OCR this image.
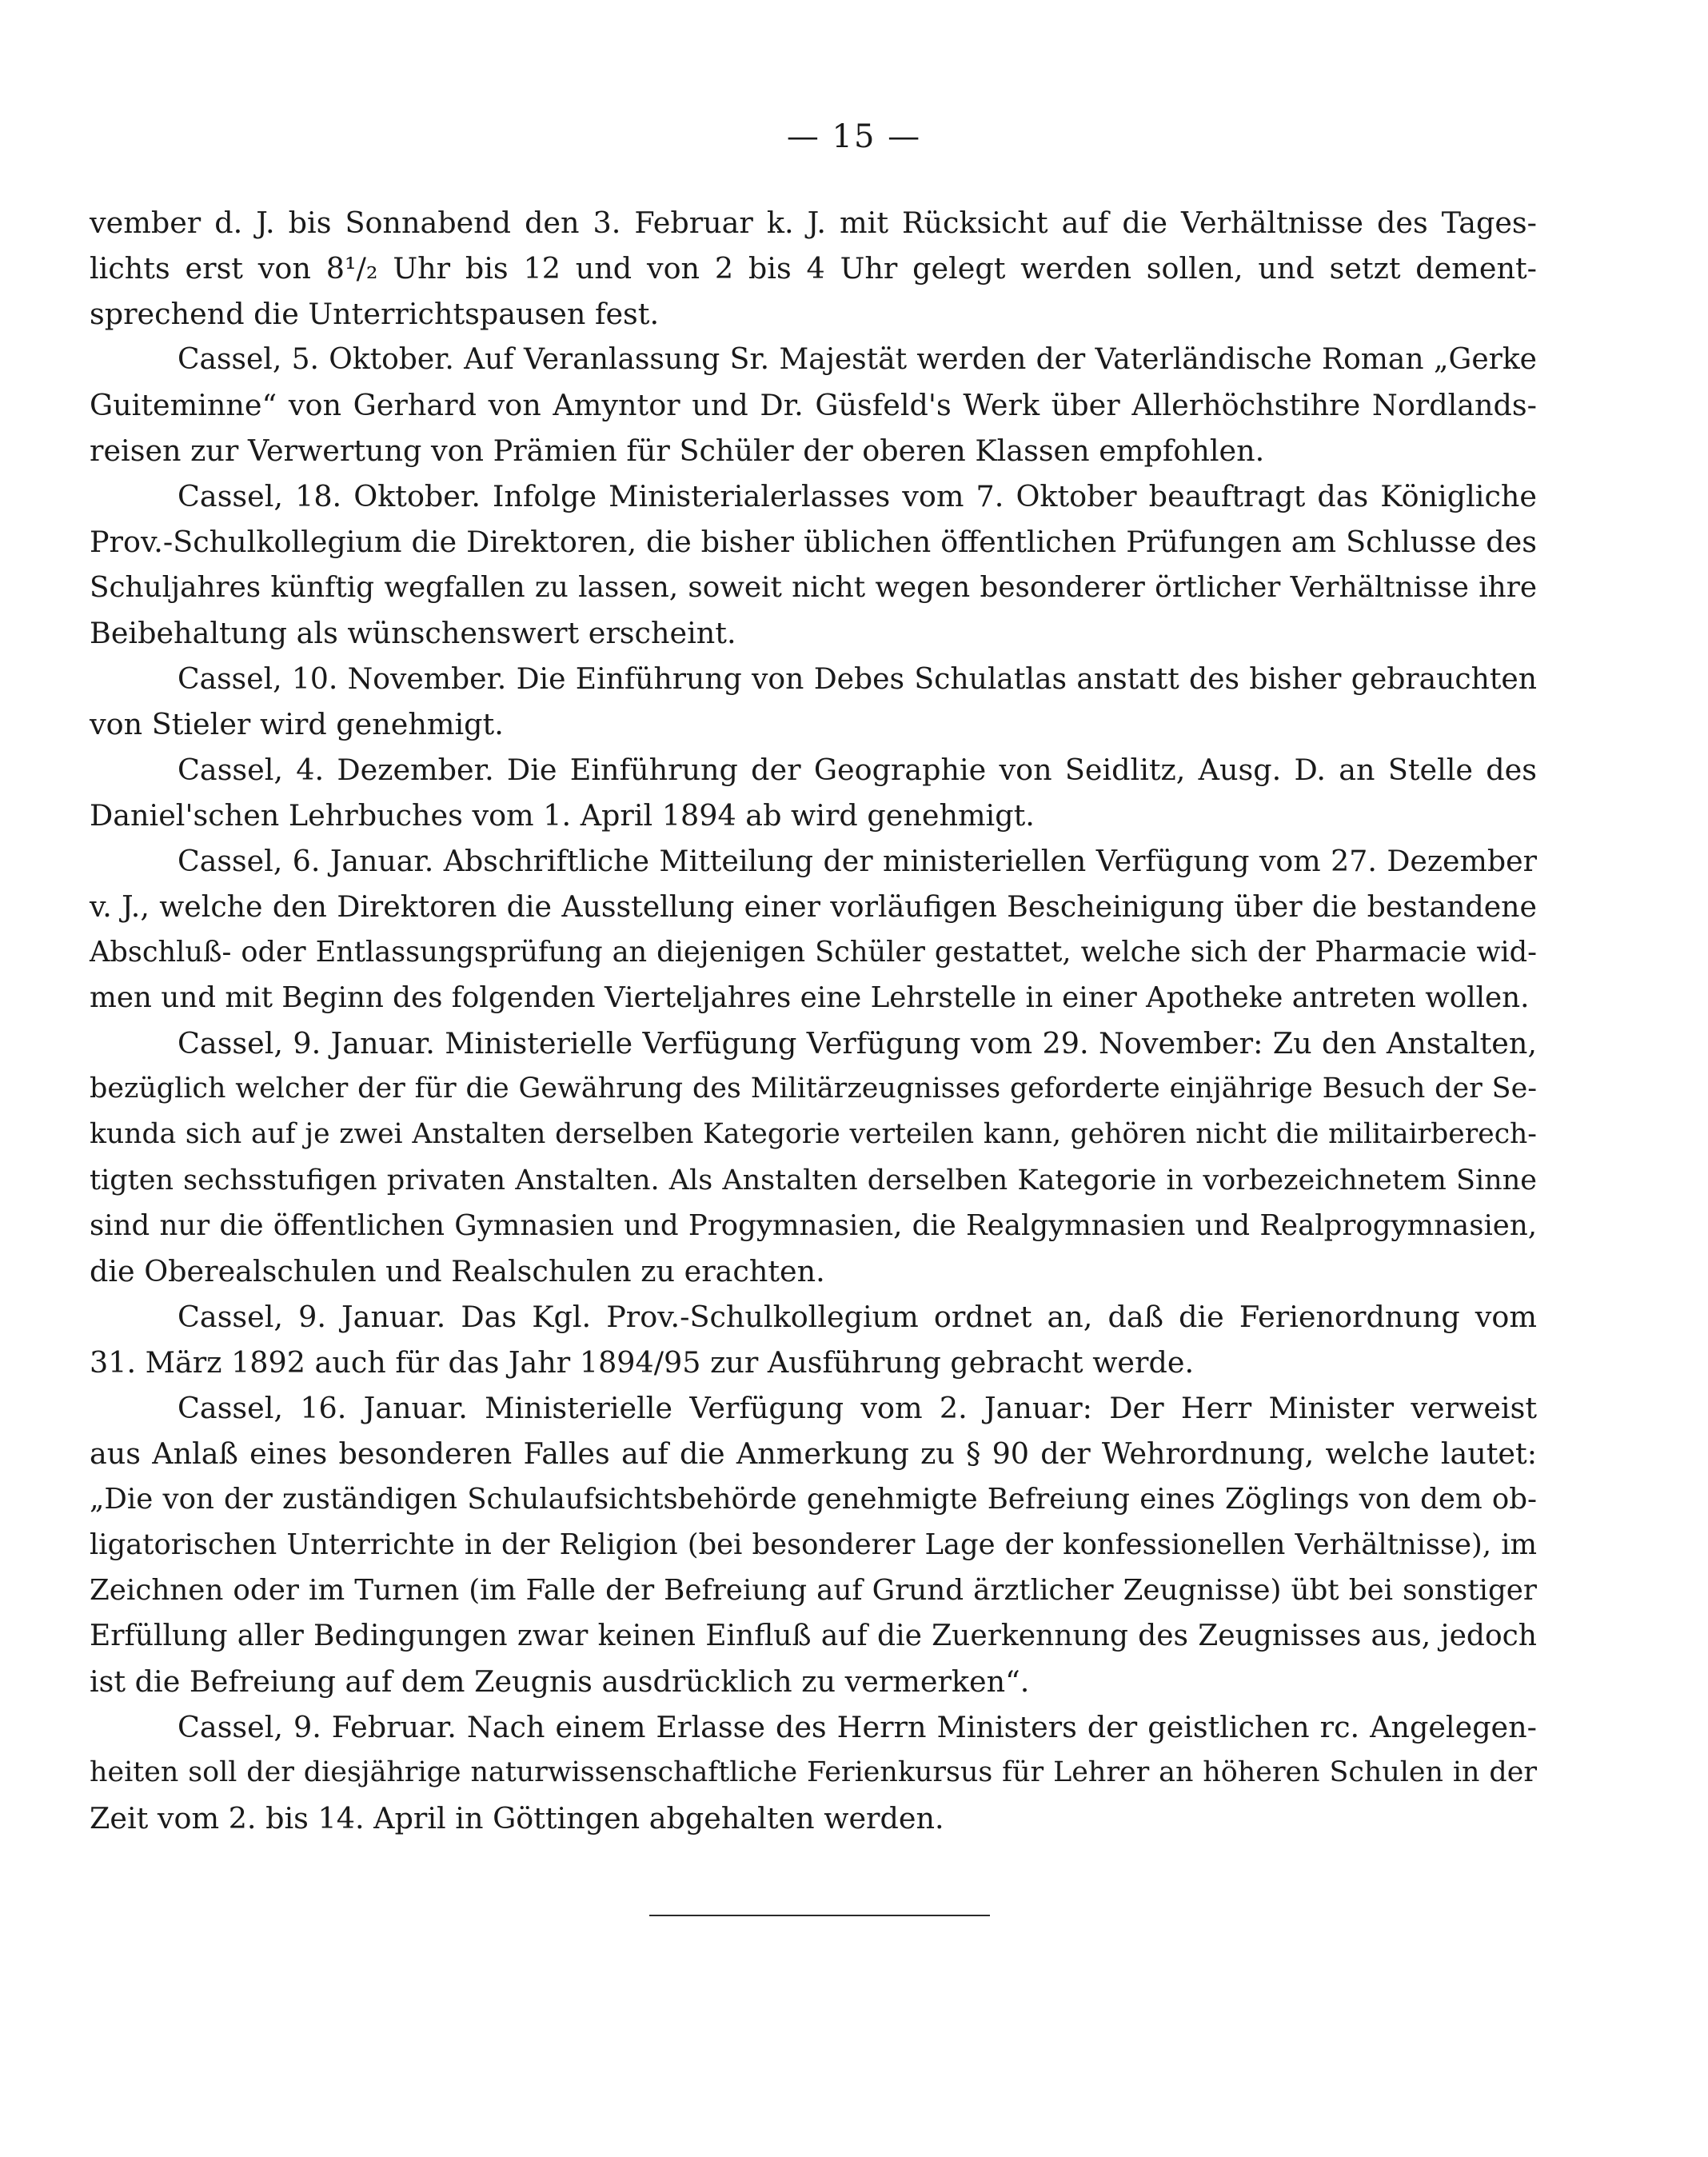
— 15 —
vember d. J. bis Sonnabend den 3. Februar k. J. mit Rücksicht auf die Verhältnisse des Tages-
lichts erst von 8¹/₂ Uhr bis 12 und von 2 bis 4 Uhr gelegt werden sollen, und setzt dement-
sprechend die Unterrichtspausen fest.
Cassel, 5. Oktober. Auf Veranlassung Sr. Majestät werden der Vaterländische Roman „Gerke
Guiteminne“ von Gerhard von Amyntor und Dr. Güsfeld's Werk über Allerhöchstihre Nordlands-
reisen zur Verwertung von Prämien für Schüler der oberen Klassen empfohlen.
Cassel, 18. Oktober. Infolge Ministerialerlasses vom 7. Oktober beauftragt das Königliche
Prov.-Schulkollegium die Direktoren, die bisher üblichen öffentlichen Prüfungen am Schlusse des
Schuljahres künftig wegfallen zu lassen, soweit nicht wegen besonderer örtlicher Verhältnisse ihre
Beibehaltung als wünschenswert erscheint.
Cassel, 10. November. Die Einführung von Debes Schulatlas anstatt des bisher gebrauchten
von Stieler wird genehmigt.
Cassel, 4. Dezember. Die Einführung der Geographie von Seidlitz, Ausg. D. an Stelle des
Daniel'schen Lehrbuches vom 1. April 1894 ab wird genehmigt.
Cassel, 6. Januar. Abschriftliche Mitteilung der ministeriellen Verfügung vom 27. Dezember
v. J., welche den Direktoren die Ausstellung einer vorläufigen Bescheinigung über die bestandene
Abschluß- oder Entlassungsprüfung an diejenigen Schüler gestattet, welche sich der Pharmacie wid-
men und mit Beginn des folgenden Vierteljahres eine Lehrstelle in einer Apotheke antreten wollen.
Cassel, 9. Januar. Ministerielle Verfügung Verfügung vom 29. November: Zu den Anstalten,
bezüglich welcher der für die Gewährung des Militärzeugnisses geforderte einjährige Besuch der Se-
kunda sich auf je zwei Anstalten derselben Kategorie verteilen kann, gehören nicht die militairberech-
tigten sechsstufigen privaten Anstalten. Als Anstalten derselben Kategorie in vorbezeichnetem Sinne
sind nur die öffentlichen Gymnasien und Progymnasien, die Realgymnasien und Realprogymnasien,
die Oberealschulen und Realschulen zu erachten.
Cassel, 9. Januar. Das Kgl. Prov.-Schulkollegium ordnet an, daß die Ferienordnung vom
31. März 1892 auch für das Jahr 1894/95 zur Ausführung gebracht werde.
Cassel, 16. Januar. Ministerielle Verfügung vom 2. Januar: Der Herr Minister verweist
aus Anlaß eines besonderen Falles auf die Anmerkung zu § 90 der Wehrordnung, welche lautet:
„Die von der zuständigen Schulaufsichtsbehörde genehmigte Befreiung eines Zöglings von dem ob-
ligatorischen Unterrichte in der Religion (bei besonderer Lage der konfessionellen Verhältnisse), im
Zeichnen oder im Turnen (im Falle der Befreiung auf Grund ärztlicher Zeugnisse) übt bei sonstiger
Erfüllung aller Bedingungen zwar keinen Einfluß auf die Zuerkennung des Zeugnisses aus, jedoch
ist die Befreiung auf dem Zeugnis ausdrücklich zu vermerken“.
Cassel, 9. Februar. Nach einem Erlasse des Herrn Ministers der geistlichen rc. Angelegen-
heiten soll der diesjährige naturwissenschaftliche Ferienkursus für Lehrer an höheren Schulen in der
Zeit vom 2. bis 14. April in Göttingen abgehalten werden.
